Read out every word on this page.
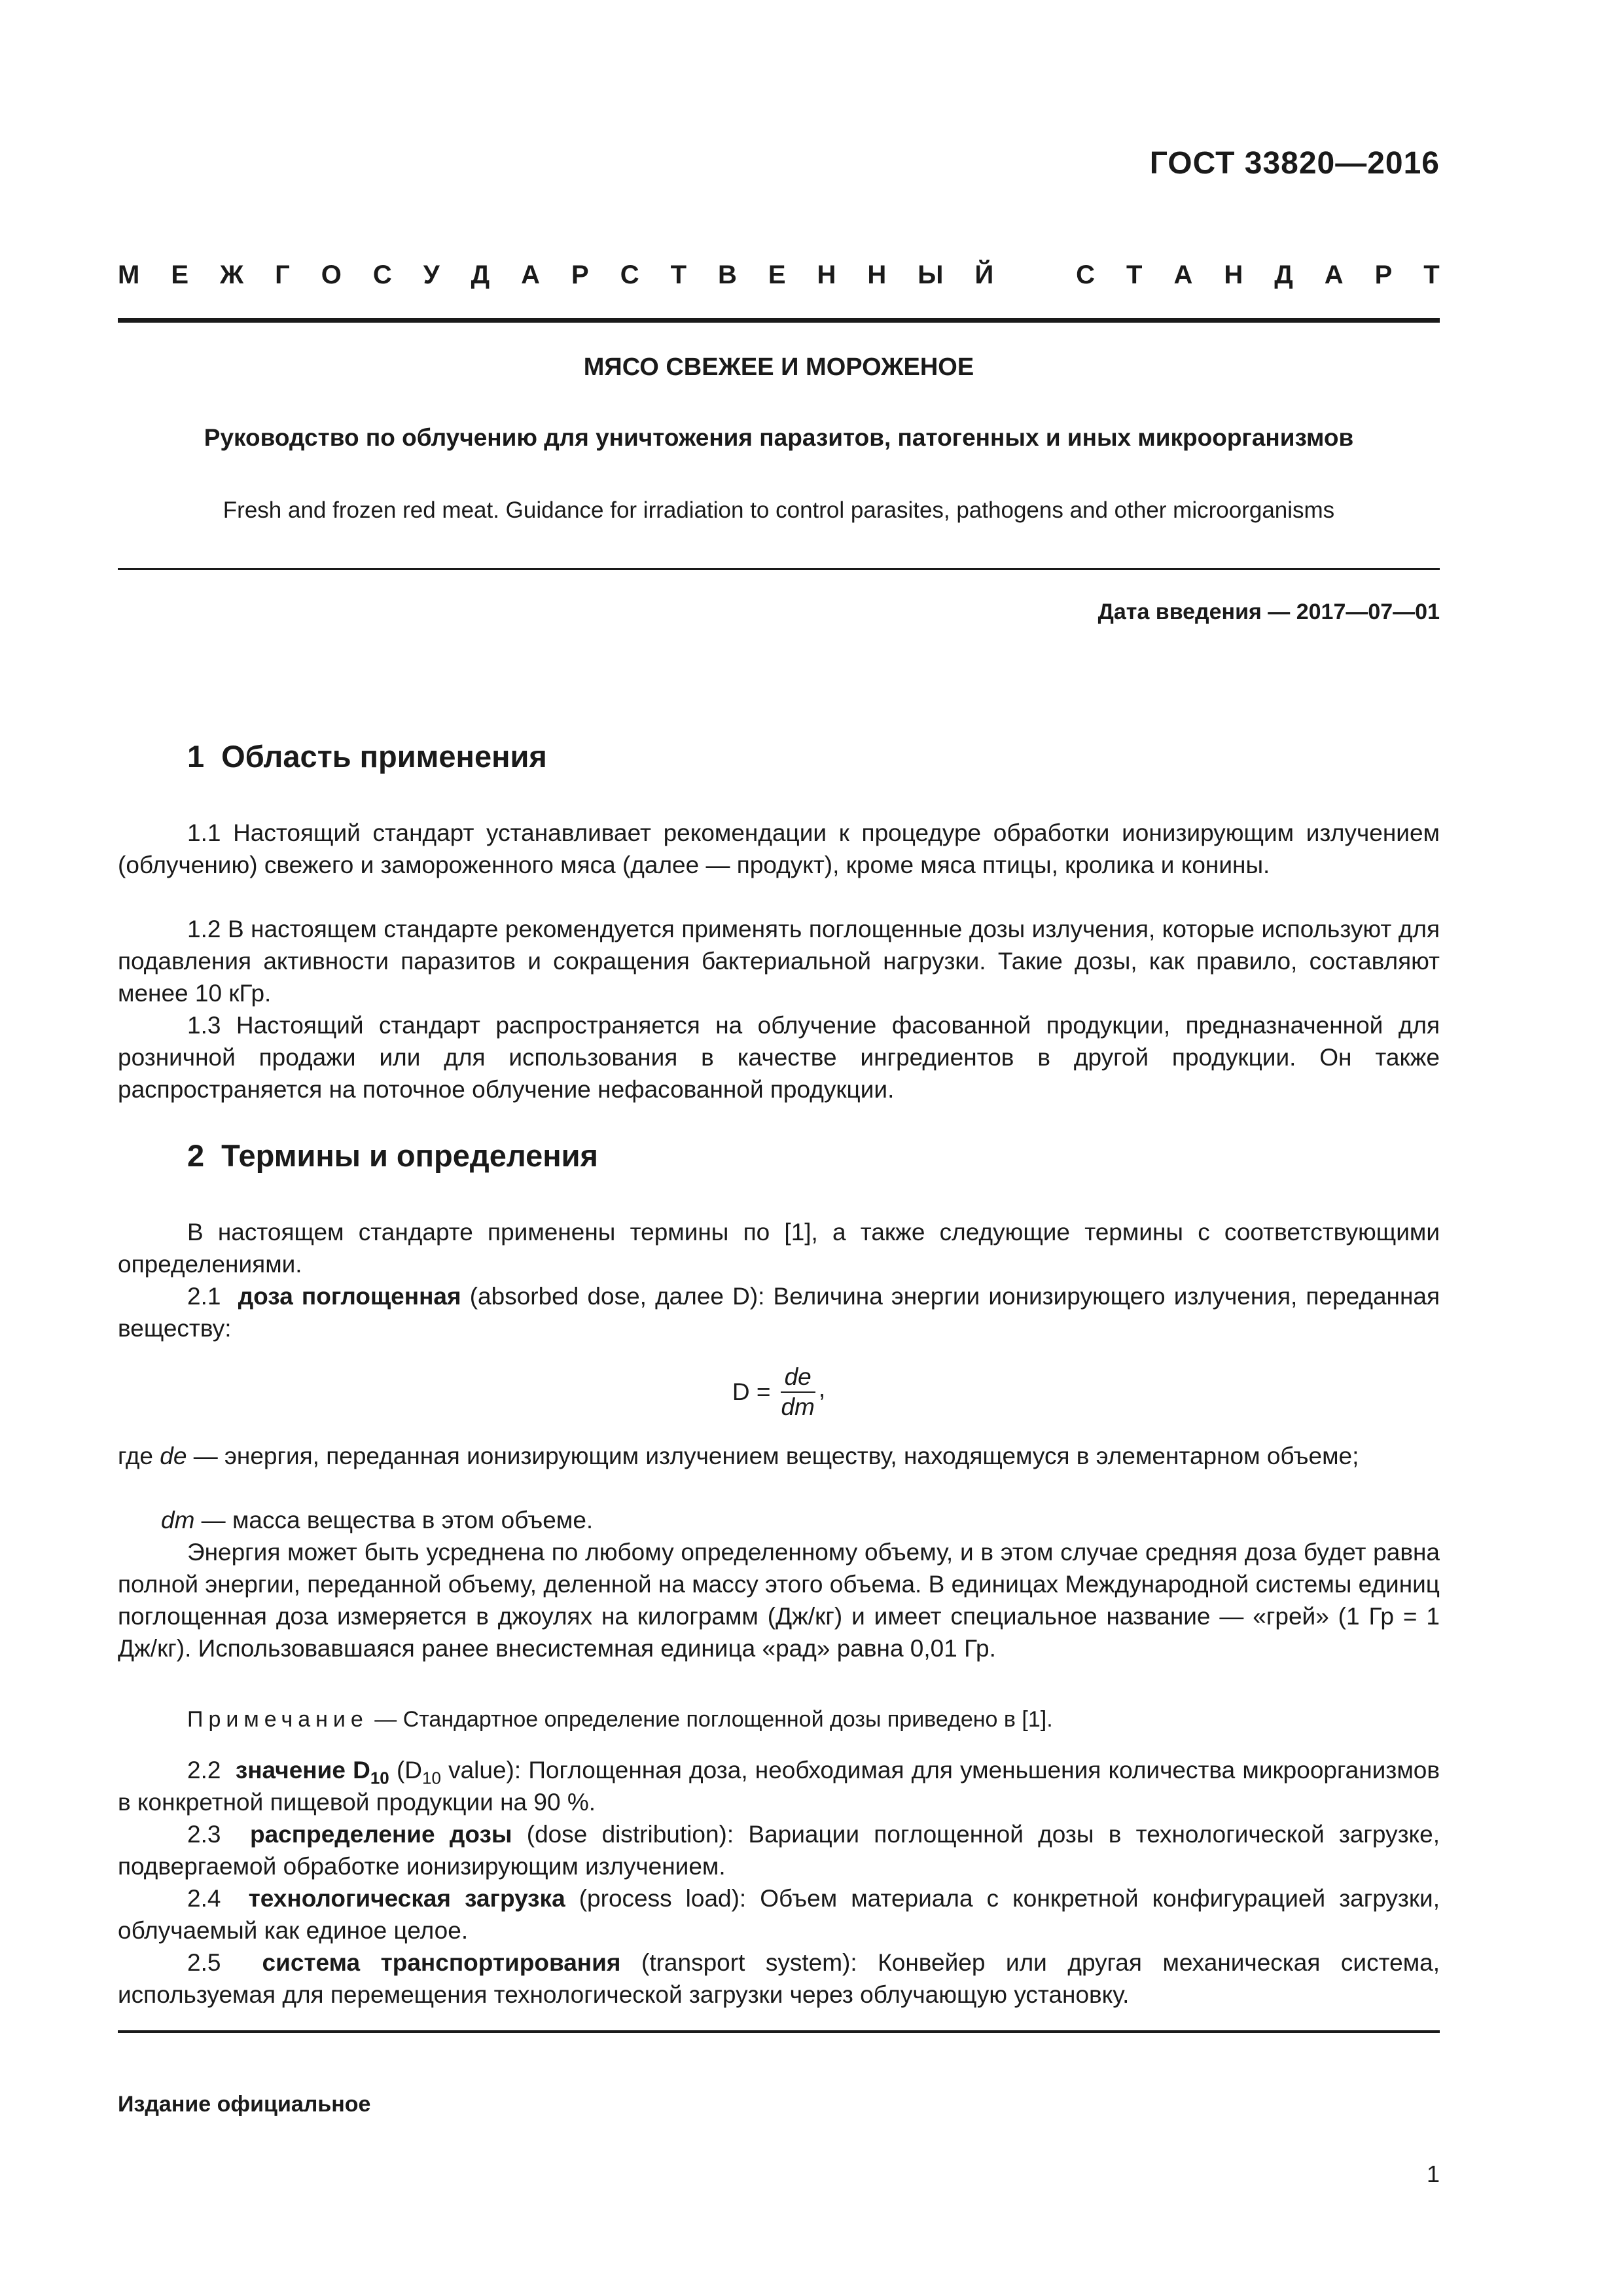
ГОСТ 33820—2016
М Е Ж Г О С У Д А Р С Т В Е Н Н Ы Й	С Т А Н Д А Р Т
МЯСО СВЕЖЕЕ И МОРОЖЕНОЕ
Руководство по облучению для уничтожения паразитов, патогенных и иных микроорганизмов
Fresh and frozen red meat. Guidance for irradiation to control parasites, pathogens and other microorganisms
Дата введения — 2017—07—01
1 Область применения

1.1 Настоящий стандарт устанавливает рекомендации к процедуре обработки ионизирующим излучением (облучению) свежего и замороженного мяса (далее — продукт), кроме мяса птицы, кролика и конины.

1.2 В настоящем стандарте рекомендуется применять поглощенные дозы излучения, которые используют для подавления активности паразитов и сокращения бактериальной нагрузки. Такие дозы, как правило, составляют менее 10 кГр.

1.3 Настоящий стандарт распространяется на облучение фасованной продукции, предназначенной для розничной продажи или для использования в качестве ингредиентов в другой продукции. Он также распространяется на поточное облучение нефасованной продукции.

2 Термины и определения

В настоящем стандарте применены термины по [1], а также следующие термины с соответствующими определениями.

2.1 доза поглощенная (absorbed dose, далее D): Величина энергии ионизирующего излучения, переданная веществу:

$D = \frac{de}{dm}$ ,
где de — энергия, переданная ионизирующим излучением веществу, находящемуся в элементарном объеме;
dm — масса вещества в этом объеме.

Энергия может быть усреднена по любому определенному объему, и в этом случае средняя доза будет равна полной энергии, переданной объему, деленной на массу этого объема. В единицах Международной системы единиц поглощенная доза измеряется в джоулях на килограмм (Дж/кг) и имеет специальное название — «грей» (1 Гр = 1 Дж/кг). Использовавшаяся ранее внесистемная единица «рад» равна 0,01 Гр.

Примечание — Стандартное определение поглощенной дозы приведено в [1].

2.2 значение $D_{10}$ ($D_{10}$ value): Поглощенная доза, необходимая для уменьшения количества микроорганизмов в конкретной пищевой продукции на 90 %.

2.3 распределение дозы (dose distribution): Вариации поглощенной дозы в технологической загрузке, подвергаемой обработке ионизирующим излучением.

2.4 технологическая загрузка (process load): Объем материала с конкретной конфигурацией загрузки, облучаемый как единое целое.

2.5 система транспортирования (transport system): Конвейер или другая механическая система, используемая для перемещения технологической загрузки через облучающую установку.

Издание официальное
1
